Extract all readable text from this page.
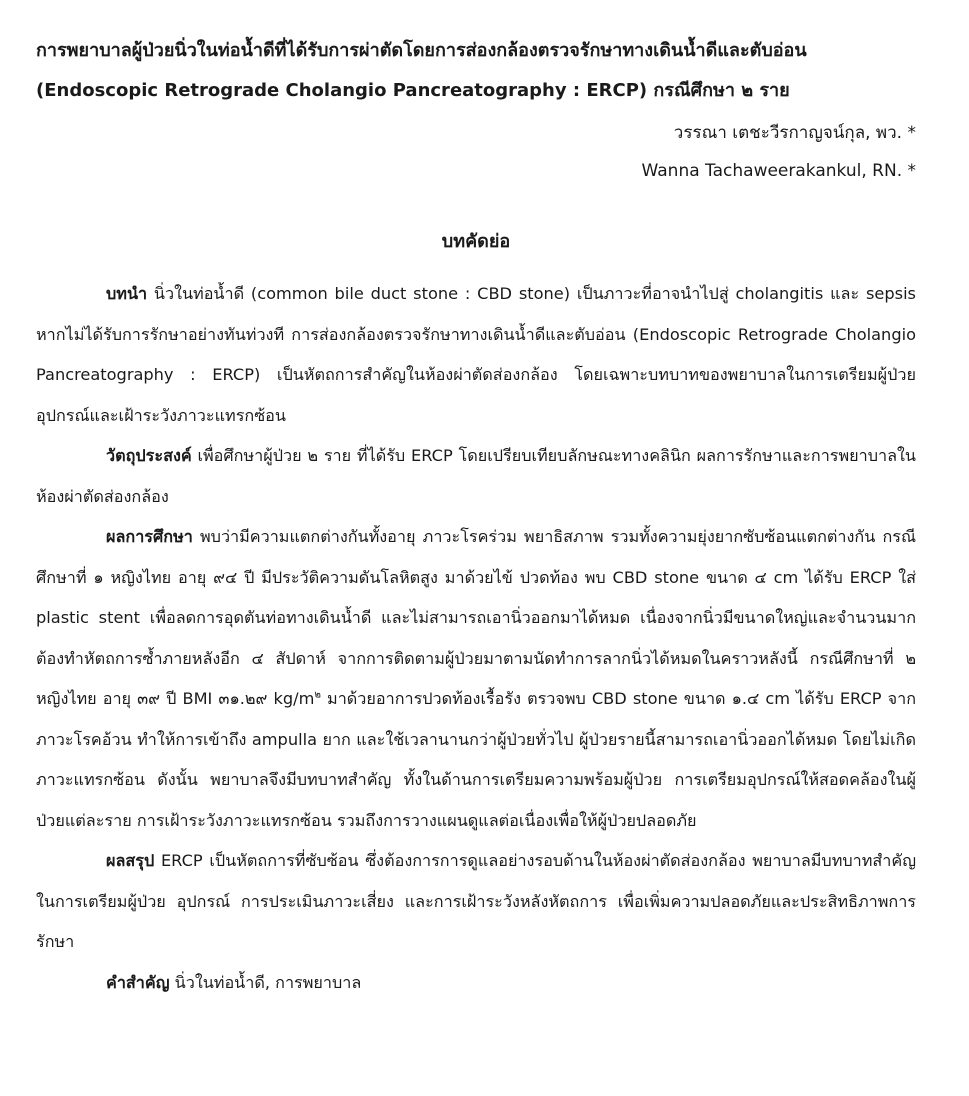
การพยาบาลผู้ป่วยนิ่วในท่อน้ำดีที่ได้รับการผ่าตัดโดยการส่องกล้องตรวจรักษาทางเดินน้ำดีและตับอ่อน
(Endoscopic Retrograde Cholangio Pancreatography : ERCP) กรณีศึกษา ๒ ราย

วรรณา เตชะวีรกาญจน์กุล, พว. *

Wanna Tachaweerakankul, RN. *

บทคัดย่อ

บทนำ นิ่วในท่อน้ำดี (common bile duct stone : CBD stone) เป็นภาวะที่อาจนำไปสู่ cholangitis และ sepsis หากไม่ได้รับการรักษาอย่างทันท่วงที การส่องกล้องตรวจรักษาทางเดินน้ำดีและตับอ่อน (Endoscopic Retrograde Cholangio Pancreatography : ERCP) เป็นหัตถการสำคัญในห้องผ่าตัดส่องกล้อง โดยเฉพาะบทบาทของพยาบาลในการเตรียมผู้ป่วย อุปกรณ์และเฝ้าระวังภาวะแทรกซ้อน

วัตถุประสงค์ เพื่อศึกษาผู้ป่วย ๒ ราย ที่ได้รับ ERCP โดยเปรียบเทียบลักษณะทางคลินิก ผลการรักษาและการพยาบาลในห้องผ่าตัดส่องกล้อง

ผลการศึกษา พบว่ามีความแตกต่างกันทั้งอายุ ภาวะโรคร่วม พยาธิสภาพ รวมทั้งความยุ่งยากซับซ้อนแตกต่างกัน กรณีศึกษาที่ ๑ หญิงไทย อายุ ๙๔ ปี มีประวัติความดันโลหิตสูง มาด้วยไข้ ปวดท้อง พบ CBD stone ขนาด ๔ cm ได้รับ ERCP ใส่ plastic stent เพื่อลดการอุดตันท่อทางเดินน้ำดี และไม่สามารถเอานิ่วออกมาได้หมด เนื่องจากนิ่วมีขนาดใหญ่และจำนวนมาก ต้องทำหัตถการซ้ำภายหลังอีก ๔ สัปดาห์ จากการติดตามผู้ป่วยมาตามนัดทำการลากนิ่วได้หมดในคราวหลังนี้ กรณีศึกษาที่ ๒ หญิงไทย อายุ ๓๙ ปี BMI ๓๑.๒๙ $kg/m^๒$ มาด้วยอาการปวดท้องเรื้อรัง ตรวจพบ CBD stone ขนาด ๑.๔ cm ได้รับ ERCP จากภาวะโรคอ้วน ทำให้การเข้าถึง ampulla ยาก และใช้เวลานานกว่าผู้ป่วยทั่วไป ผู้ป่วยรายนี้สามารถเอานิ่วออกได้หมด โดยไม่เกิดภาวะแทรกซ้อน ดังนั้น พยาบาลจึงมีบทบาทสำคัญ ทั้งในด้านการเตรียมความพร้อมผู้ป่วย การเตรียมอุปกรณ์ให้สอดคล้องในผู้ป่วยแต่ละราย การเฝ้าระวังภาวะแทรกซ้อน รวมถึงการวางแผนดูแลต่อเนื่องเพื่อให้ผู้ป่วยปลอดภัย

ผลสรุป ERCP เป็นหัตถการที่ซับซ้อน ซึ่งต้องการการดูแลอย่างรอบด้านในห้องผ่าตัดส่องกล้อง พยาบาลมีบทบาทสำคัญในการเตรียมผู้ป่วย อุปกรณ์ การประเมินภาวะเสี่ยง และการเฝ้าระวังหลังหัตถการ เพื่อเพิ่มความปลอดภัยและประสิทธิภาพการรักษา

คำสำคัญ นิ่วในท่อน้ำดี, การพยาบาล
